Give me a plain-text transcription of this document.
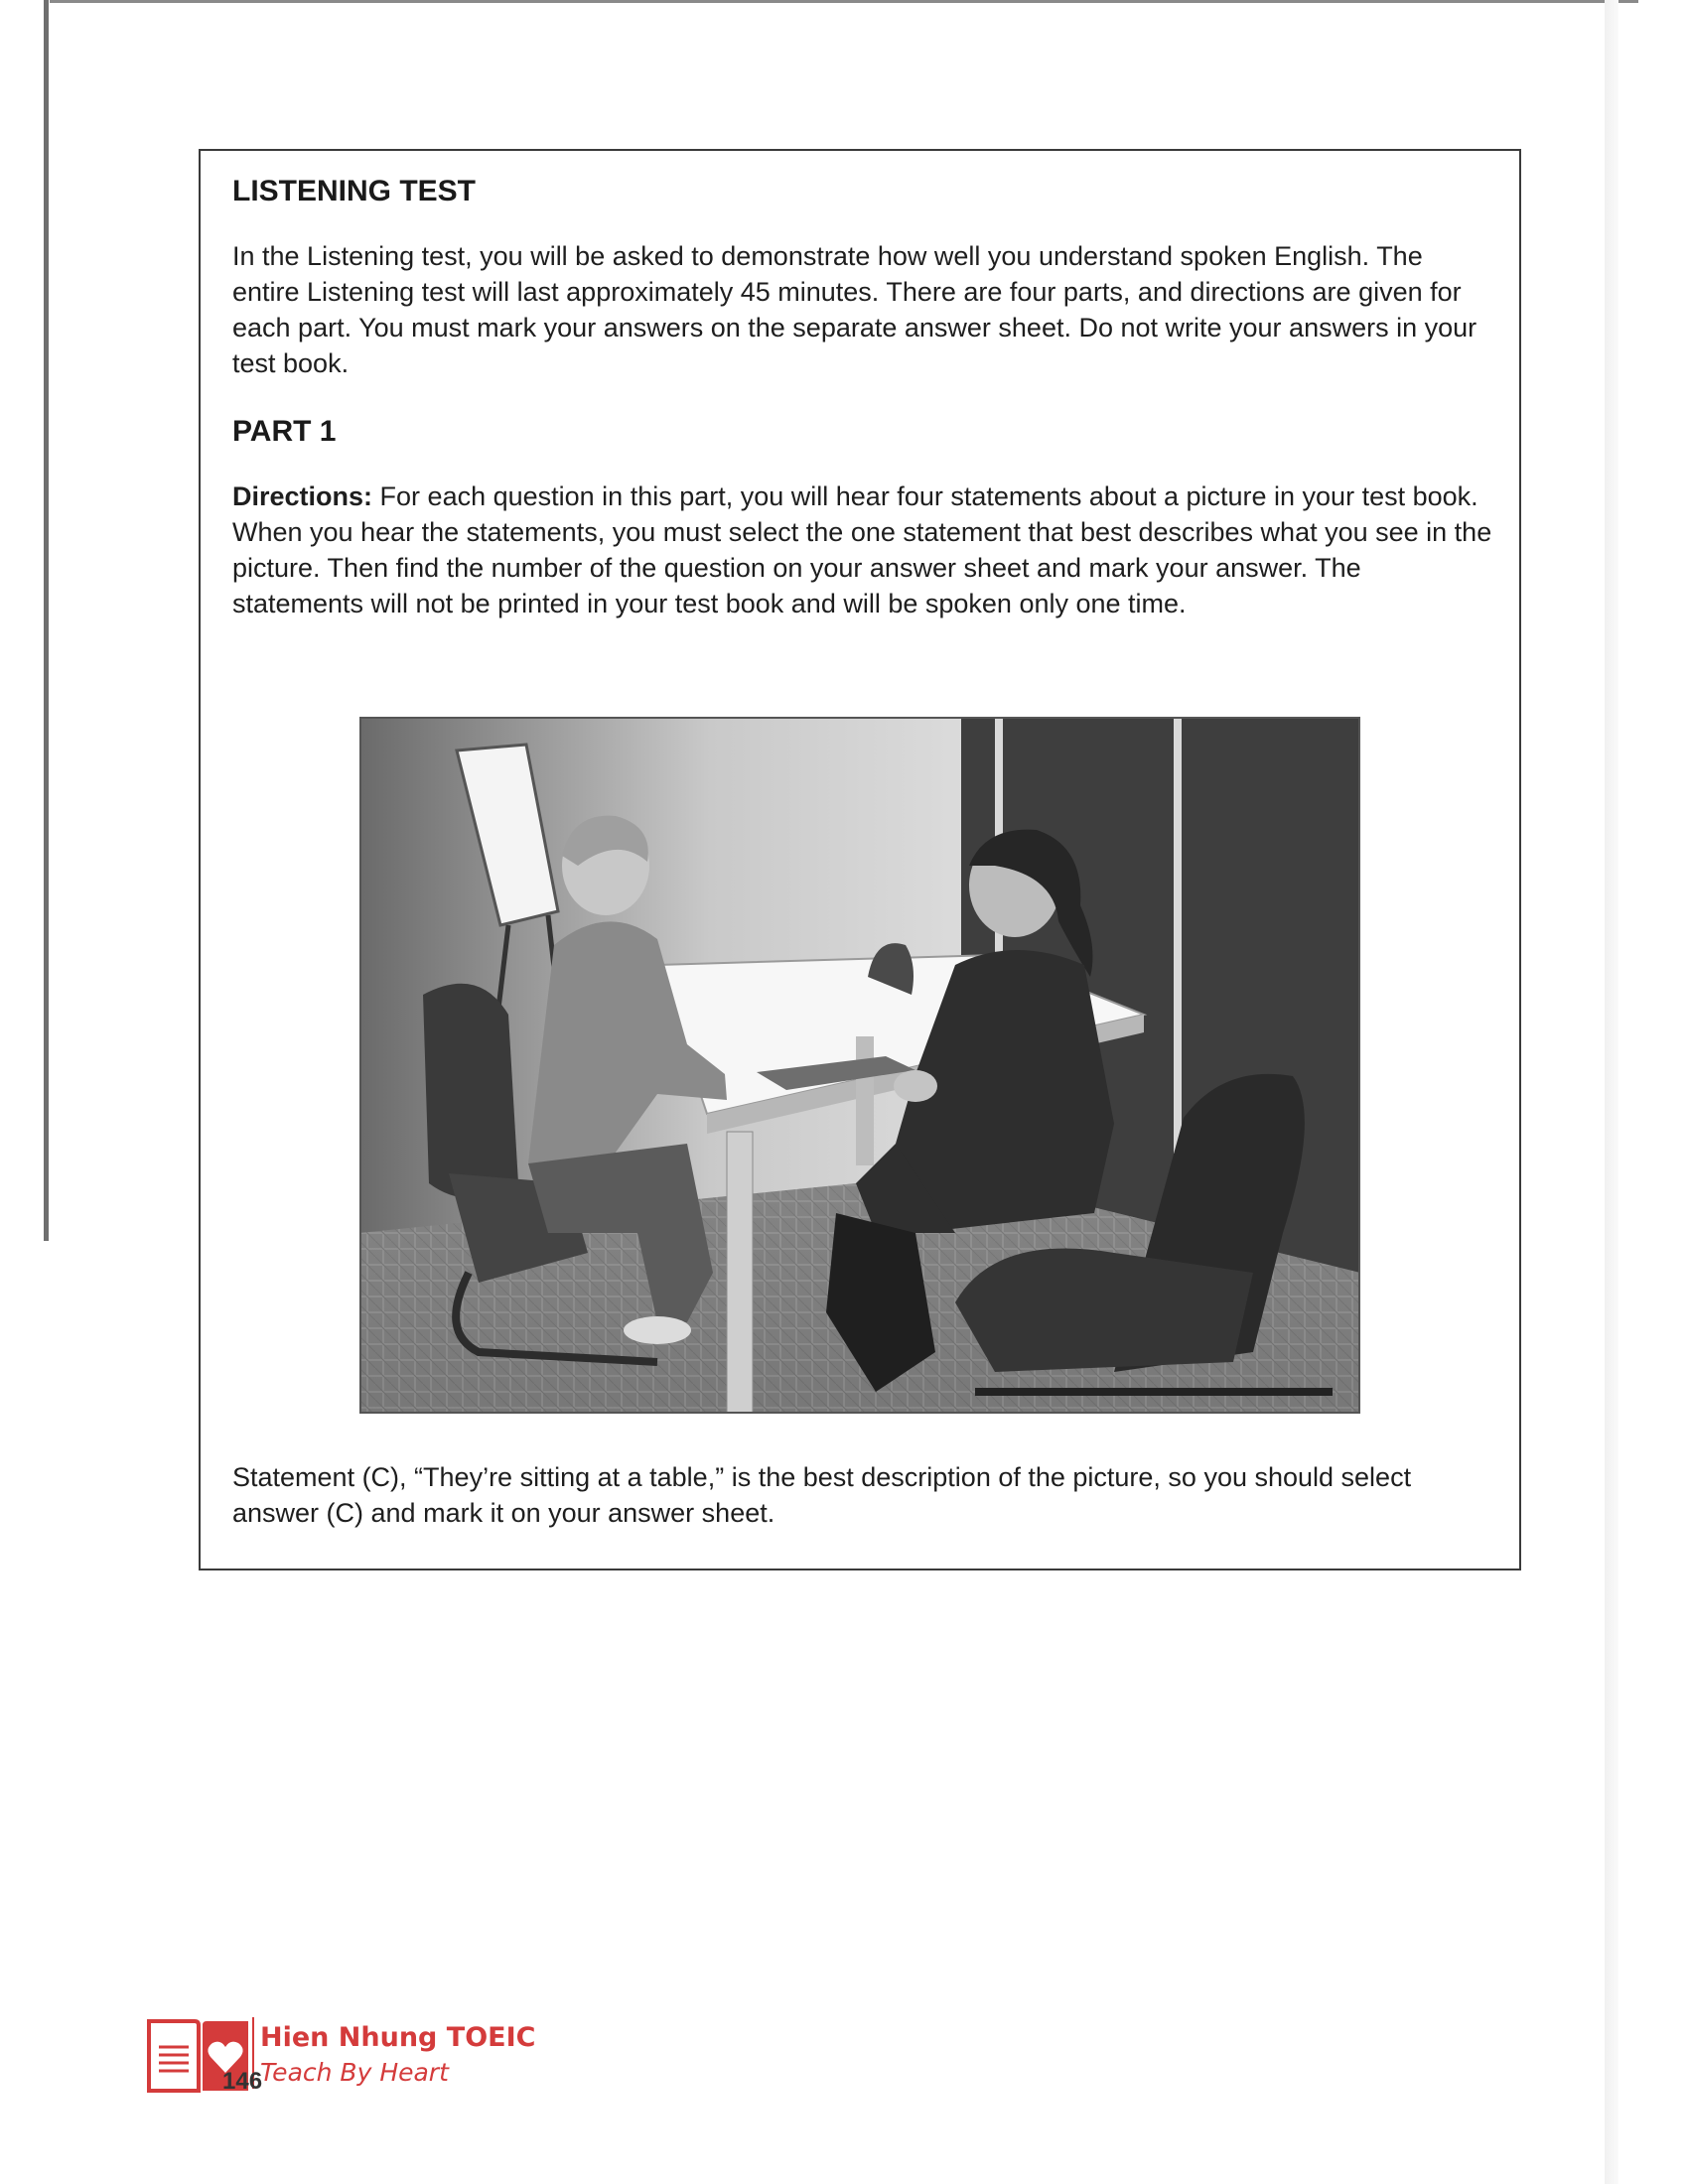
LISTENING TEST

In the Listening test, you will be asked to demonstrate how well you understand spoken English. The entire Listening test will last approximately 45 minutes. There are four parts, and directions are given for each part. You must mark your answers on the separate answer sheet. Do not write your answers in your test book.

PART 1

Directions: For each question in this part, you will hear four statements about a picture in your test book. When you hear the statements, you must select the one statement that best describes what you see in the picture. Then find the number of the question on your answer sheet and mark your answer. The statements will not be printed in your test book and will be spoken only one time.

Statement (C), “They’re sitting at a table,” is the best description of the picture, so you should select answer (C) and mark it on your answer sheet.

Hien Nhung TOEIC

Teach By Heart

146
